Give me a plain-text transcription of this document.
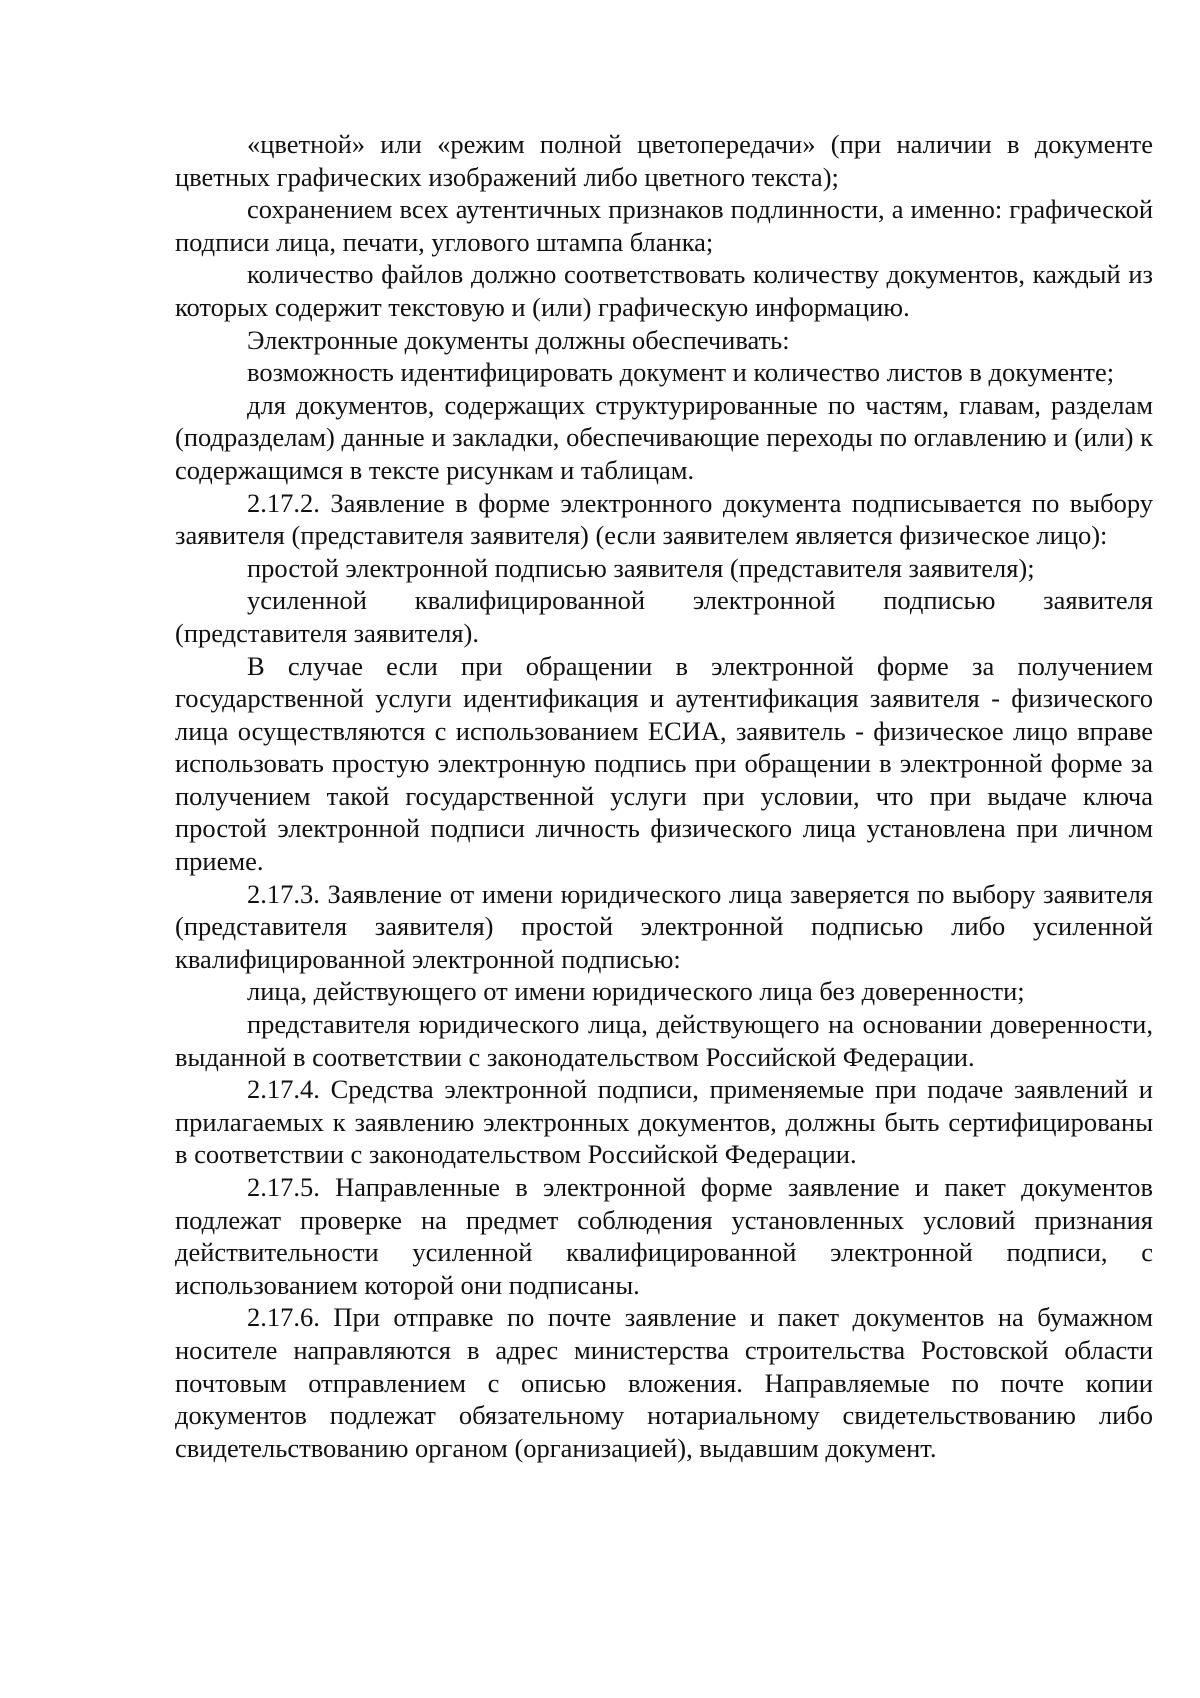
«цветной» или «режим полной цветопередачи» (при наличии в документе цветных графических изображений либо цветного текста);

сохранением всех аутентичных признаков подлинности, а именно: графической подписи лица, печати, углового штампа бланка;

количество файлов должно соответствовать количеству документов, каждый из которых содержит текстовую и (или) графическую информацию.

Электронные документы должны обеспечивать:

возможность идентифицировать документ и количество листов в документе;

для документов, содержащих структурированные по частям, главам, разделам (подразделам) данные и закладки, обеспечивающие переходы по оглавлению и (или) к содержащимся в тексте рисункам и таблицам.

2.17.2. Заявление в форме электронного документа подписывается по выбору заявителя (представителя заявителя) (если заявителем является физическое лицо):

простой электронной подписью заявителя (представителя заявителя);

усиленной квалифицированной электронной подписью заявителя (представителя заявителя).

В случае если при обращении в электронной форме за получением государственной услуги идентификация и аутентификация заявителя - физического лица осуществляются с использованием ЕСИА, заявитель - физическое лицо вправе использовать простую электронную подпись при обращении в электронной форме за получением такой государственной услуги при условии, что при выдаче ключа простой электронной подписи личность физического лица установлена при личном приеме.

2.17.3. Заявление от имени юридического лица заверяется по выбору заявителя (представителя заявителя) простой электронной подписью либо усиленной квалифицированной электронной подписью:

лица, действующего от имени юридического лица без доверенности;

представителя юридического лица, действующего на основании доверенности, выданной в соответствии с законодательством Российской Федерации.

2.17.4. Средства электронной подписи, применяемые при подаче заявлений и прилагаемых к заявлению электронных документов, должны быть сертифицированы в соответствии с законодательством Российской Федерации.

2.17.5. Направленные в электронной форме заявление и пакет документов подлежат проверке на предмет соблюдения установленных условий признания действительности усиленной квалифицированной электронной подписи, с использованием которой они подписаны.

2.17.6. При отправке по почте заявление и пакет документов на бумажном носителе направляются в адрес министерства строительства Ростовской области почтовым отправлением с описью вложения. Направляемые по почте копии документов подлежат обязательному нотариальному свидетельствованию либо свидетельствованию органом (организацией), выдавшим документ.
